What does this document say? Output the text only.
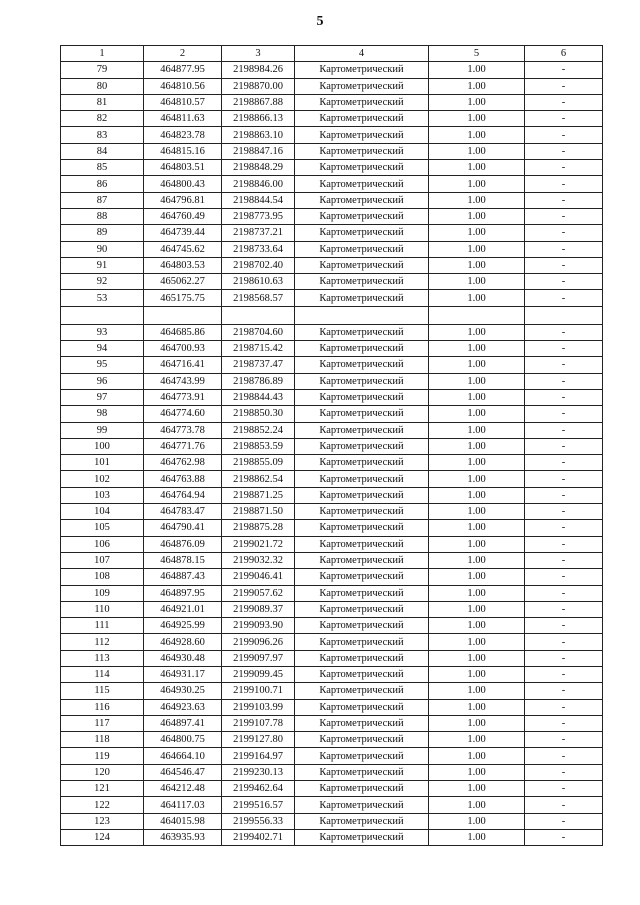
5
1	2	3	4	5	6
79	464877.95	2198984.26	Картометрический	1.00	-
80	464810.56	2198870.00	Картометрический	1.00	-
81	464810.57	2198867.88	Картометрический	1.00	-
82	464811.63	2198866.13	Картометрический	1.00	-
83	464823.78	2198863.10	Картометрический	1.00	-
84	464815.16	2198847.16	Картометрический	1.00	-
85	464803.51	2198848.29	Картометрический	1.00	-
86	464800.43	2198846.00	Картометрический	1.00	-
87	464796.81	2198844.54	Картометрический	1.00	-
88	464760.49	2198773.95	Картометрический	1.00	-
89	464739.44	2198737.21	Картометрический	1.00	-
90	464745.62	2198733.64	Картометрический	1.00	-
91	464803.53	2198702.40	Картометрический	1.00	-
92	465062.27	2198610.63	Картометрический	1.00	-
53	465175.75	2198568.57	Картометрический	1.00	-

93	464685.86	2198704.60	Картометрический	1.00	-
94	464700.93	2198715.42	Картометрический	1.00	-
95	464716.41	2198737.47	Картометрический	1.00	-
96	464743.99	2198786.89	Картометрический	1.00	-
97	464773.91	2198844.43	Картометрический	1.00	-
98	464774.60	2198850.30	Картометрический	1.00	-
99	464773.78	2198852.24	Картометрический	1.00	-
100	464771.76	2198853.59	Картометрический	1.00	-
101	464762.98	2198855.09	Картометрический	1.00	-
102	464763.88	2198862.54	Картометрический	1.00	-
103	464764.94	2198871.25	Картометрический	1.00	-
104	464783.47	2198871.50	Картометрический	1.00	-
105	464790.41	2198875.28	Картометрический	1.00	-
106	464876.09	2199021.72	Картометрический	1.00	-
107	464878.15	2199032.32	Картометрический	1.00	-
108	464887.43	2199046.41	Картометрический	1.00	-
109	464897.95	2199057.62	Картометрический	1.00	-
110	464921.01	2199089.37	Картометрический	1.00	-
111	464925.99	2199093.90	Картометрический	1.00	-
112	464928.60	2199096.26	Картометрический	1.00	-
113	464930.48	2199097.97	Картометрический	1.00	-
114	464931.17	2199099.45	Картометрический	1.00	-
115	464930.25	2199100.71	Картометрический	1.00	-
116	464923.63	2199103.99	Картометрический	1.00	-
117	464897.41	2199107.78	Картометрический	1.00	-
118	464800.75	2199127.80	Картометрический	1.00	-
119	464664.10	2199164.97	Картометрический	1.00	-
120	464546.47	2199230.13	Картометрический	1.00	-
121	464212.48	2199462.64	Картометрический	1.00	-
122	464117.03	2199516.57	Картометрический	1.00	-
123	464015.98	2199556.33	Картометрический	1.00	-
124	463935.93	2199402.71	Картометрический	1.00	-
